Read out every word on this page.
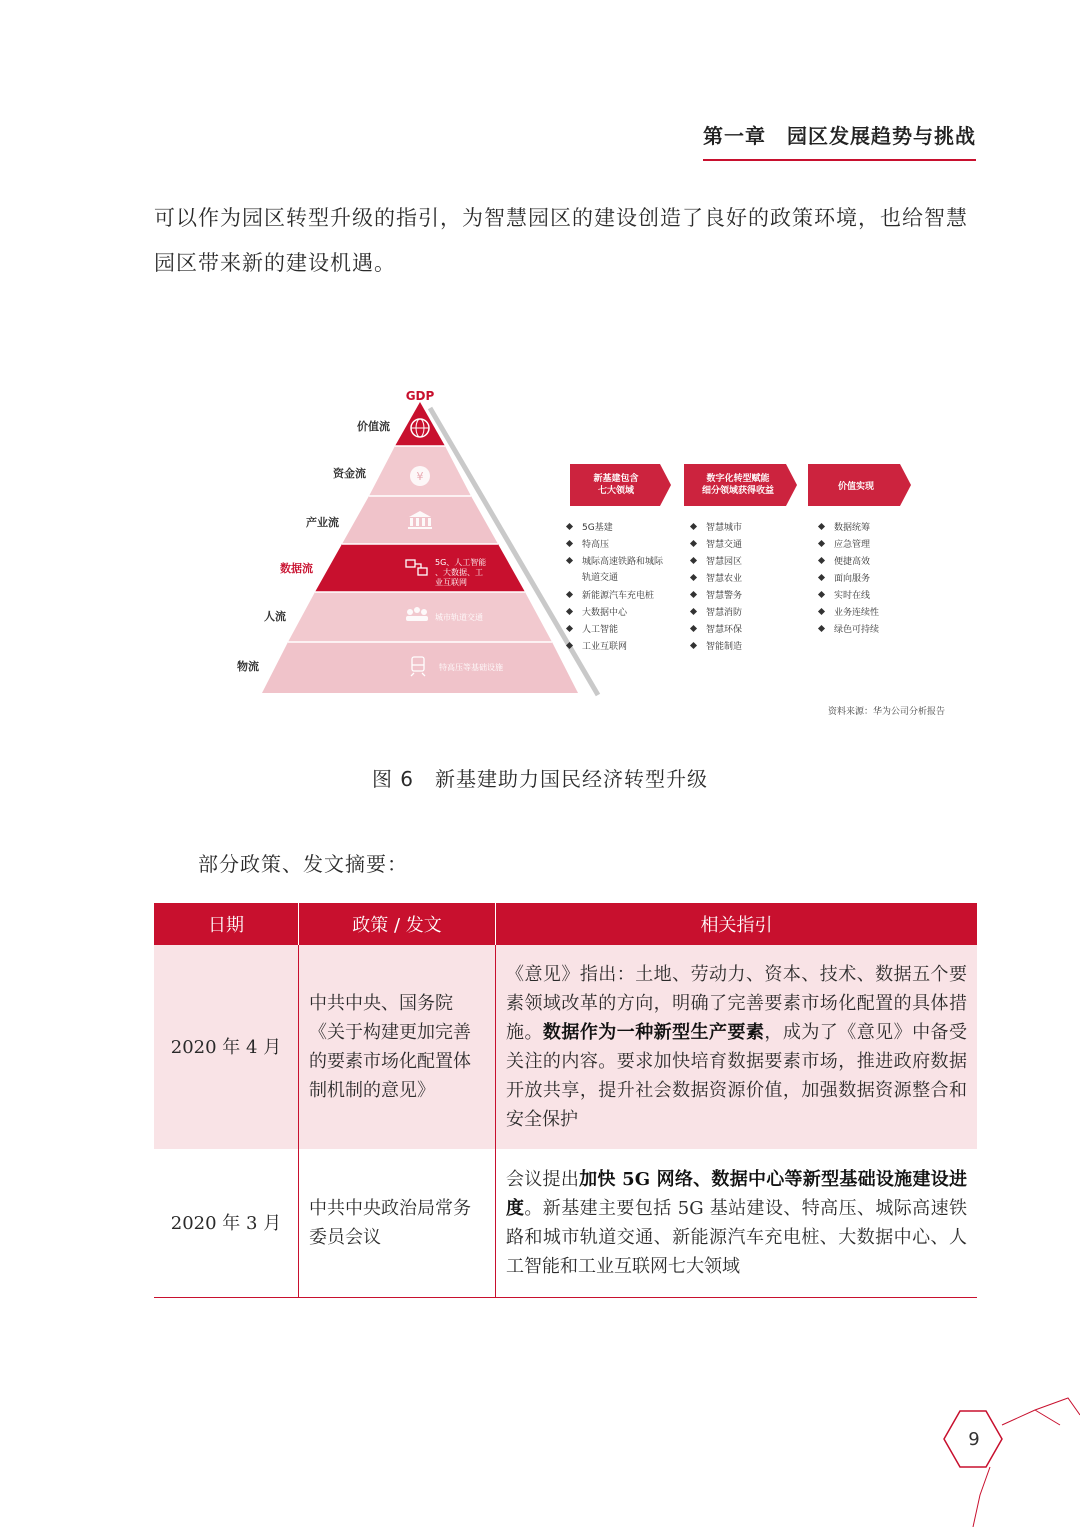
第一章　园区发展趋势与挑战
可以作为园区转型升级的指引，为智慧园区的建设创造了良好的政策环境，也给智慧园区带来新的建设机遇。
GDP
价值流
资金流
产业流
数据流
人流
物流
¥
5G、人工智能、大数据、工业互联网
城市轨道交通
特高压等基础设施
新基建包含七大领域
数字化转型赋能细分领域获得收益	价值实现
5G基建
特高压
城际高速铁路和城际
轨道交通
新能源汽车充电桩
大数据中心
人工智能
工业互联网
智慧城市
智慧交通
智慧园区
智慧农业
智慧警务
智慧消防
智慧环保
智能制造
数据统筹
应急管理
便捷高效
面向服务
实时在线
业务连续性
绿色可持续
资料来源：华为公司分析报告
图 6　新基建助力国民经济转型升级
部分政策、发文摘要：
日期	政策 / 发文	相关指引
2020 年 4 月	中共中央、国务院《关于构建更加完善的要素市场化配置体制机制的意见》	《意见》指出：土地、劳动力、资本、技术、数据五个要素领域改革的方向，明确了完善要素市场化配置的具体措施。数据作为一种新型生产要素，成为了《意见》中备受关注的内容。要求加快培育数据要素市场，推进政府数据开放共享，提升社会数据资源价值，加强数据资源整合和安全保护
2020 年 3 月	中共中央政治局常务委员会议	会议提出加快 5G 网络、数据中心等新型基础设施建设进度。新基建主要包括 5G 基站建设、特高压、城际高速铁路和城市轨道交通、新能源汽车充电桩、大数据中心、人工智能和工业互联网七大领域
9
